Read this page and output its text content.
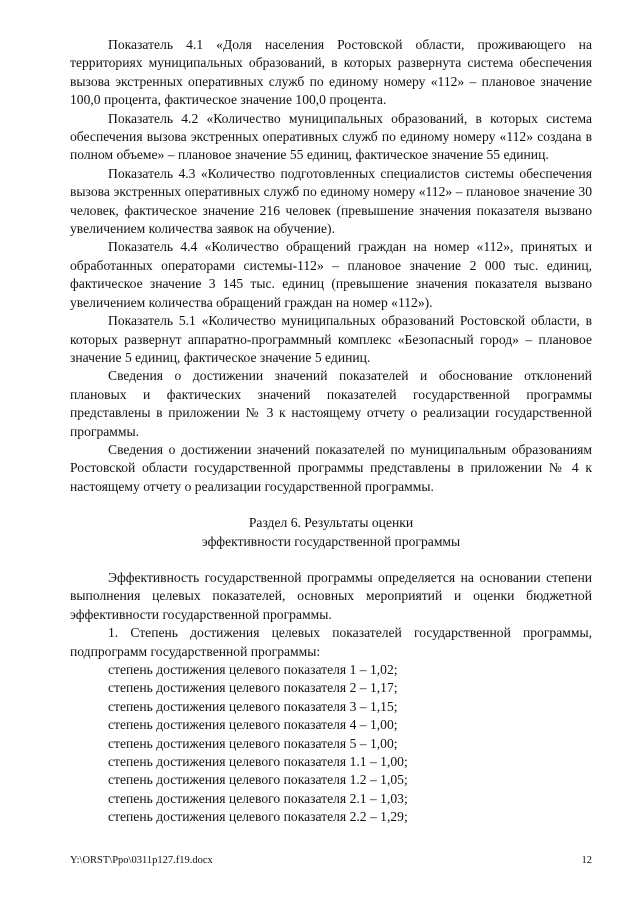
Показатель 4.1 «Доля населения Ростовской области, проживающего на территориях муниципальных образований, в которых развернута система обеспечения вызова экстренных оперативных служб по единому номеру «112» – плановое значение 100,0 процента, фактическое значение 100,0 процента.

Показатель 4.2 «Количество муниципальных образований, в которых система обеспечения вызова экстренных оперативных служб по единому номеру «112» создана в полном объеме» – плановое значение 55 единиц, фактическое значение 55 единиц.

Показатель 4.3 «Количество подготовленных специалистов системы обеспечения вызова экстренных оперативных служб по единому номеру «112» – плановое значение 30 человек, фактическое значение 216 человек (превышение значения показателя вызвано увеличением количества заявок на обучение).

Показатель 4.4 «Количество обращений граждан на номер «112», принятых и обработанных операторами системы-112» – плановое значение 2 000 тыс. единиц, фактическое значение 3 145 тыс. единиц (превышение значения показателя вызвано увеличением количества обращений граждан на номер «112»).

Показатель 5.1 «Количество муниципальных образований Ростовской области, в которых развернут аппаратно-программный комплекс «Безопасный город» – плановое значение 5 единиц, фактическое значение 5 единиц.

Сведения о достижении значений показателей и обоснование отклонений плановых и фактических значений показателей государственной программы представлены в приложении № 3 к настоящему отчету о реализации государственной программы.

Сведения о достижении значений показателей по муниципальным образованиям Ростовской области государственной программы представлены в приложении № 4 к настоящему отчету о реализации государственной программы.

Раздел 6. Результаты оценки

эффективности государственной программы

Эффективность государственной программы определяется на основании степени выполнения целевых показателей, основных мероприятий и оценки бюджетной эффективности государственной программы.

1. Степень достижения целевых показателей государственной программы, подпрограмм государственной программы:

степень достижения целевого показателя 1 – 1,02;
степень достижения целевого показателя 2 – 1,17;
степень достижения целевого показателя 3 – 1,15;
степень достижения целевого показателя 4 – 1,00;
степень достижения целевого показателя 5 – 1,00;
степень достижения целевого показателя 1.1 – 1,00;
степень достижения целевого показателя 1.2 – 1,05;
степень достижения целевого показателя 2.1 – 1,03;
степень достижения целевого показателя 2.2 – 1,29;
Y:\ORST\Ppo\0311p127.f19.docx	12
